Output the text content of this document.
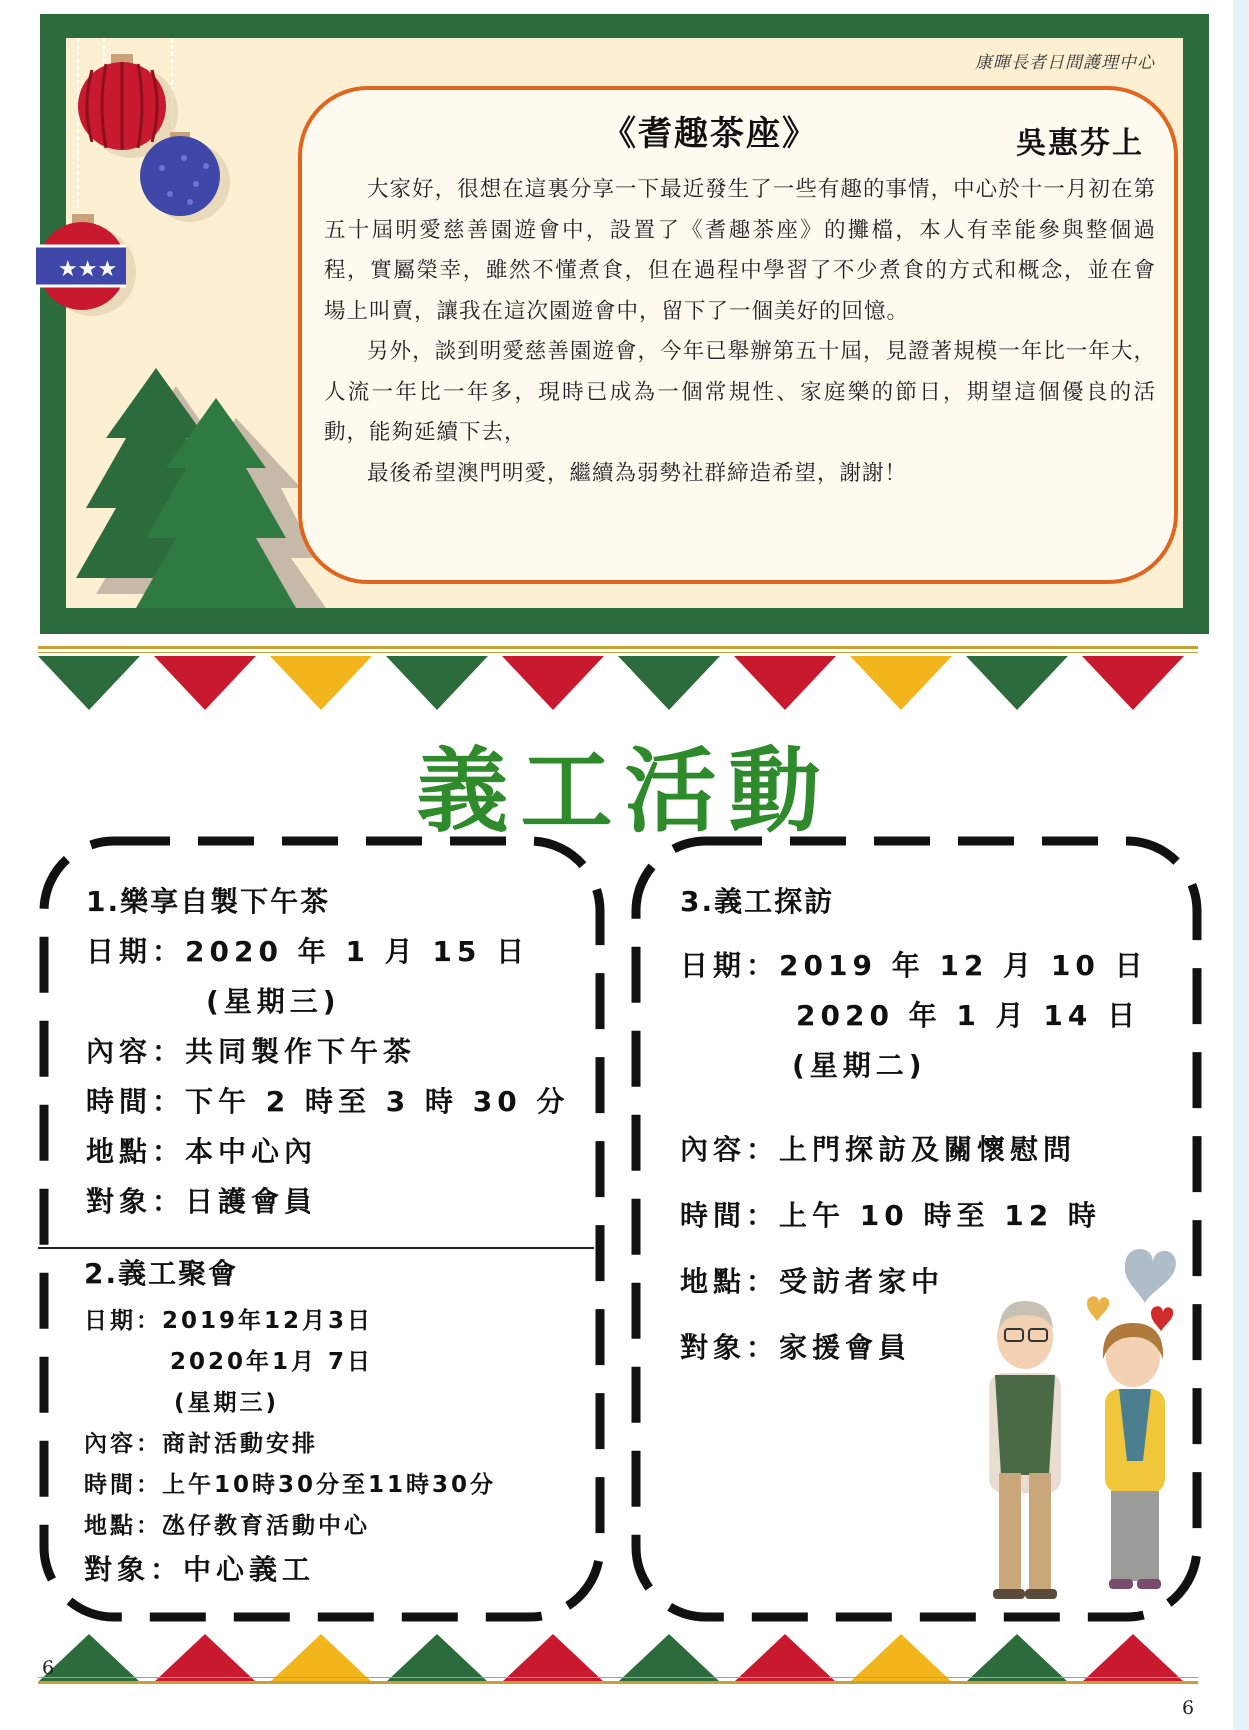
康暉長者日間護理中心
★★★
《耆趣茶座》	吳惠芬上

大家好，很想在這裏分享一下最近發生了一些有趣的事情，中心於十一月初在第五十屆明愛慈善園遊會中，設置了《耆趣茶座》的攤檔，本人有幸能參與整個過程，實屬榮幸，雖然不懂煮食，但在過程中學習了不少煮食的方式和概念，並在會場上叫賣，讓我在這次園遊會中，留下了一個美好的回憶。

另外，談到明愛慈善園遊會，今年已舉辦第五十屆，見證著規模一年比一年大，人流一年比一年多，現時已成為一個常規性、家庭樂的節日，期望這個優良的活動，能夠延續下去，

最後希望澳門明愛，繼續為弱勢社群締造希望，謝謝！

義工活動
1.樂享自製下午茶
日期：2020 年 1 月 15 日
(星期三)
內容：共同製作下午茶
時間：下午 2 時至 3 時 30 分
地點：本中心內
對象：日護會員
2.義工聚會
日期：2019年12月3日
2020年1月 7日
(星期三)
內容：商討活動安排
時間：上午10時30分至11時30分
地點：氹仔教育活動中心
對象：中心義工
3.義工探訪
日期：2019 年 12 月 10 日
2020 年 1 月 14 日
(星期二)
內容：上門探訪及關懷慰問
時間：上午 10 時至 12 時
地點：受訪者家中
對象：家援會員
6
6
